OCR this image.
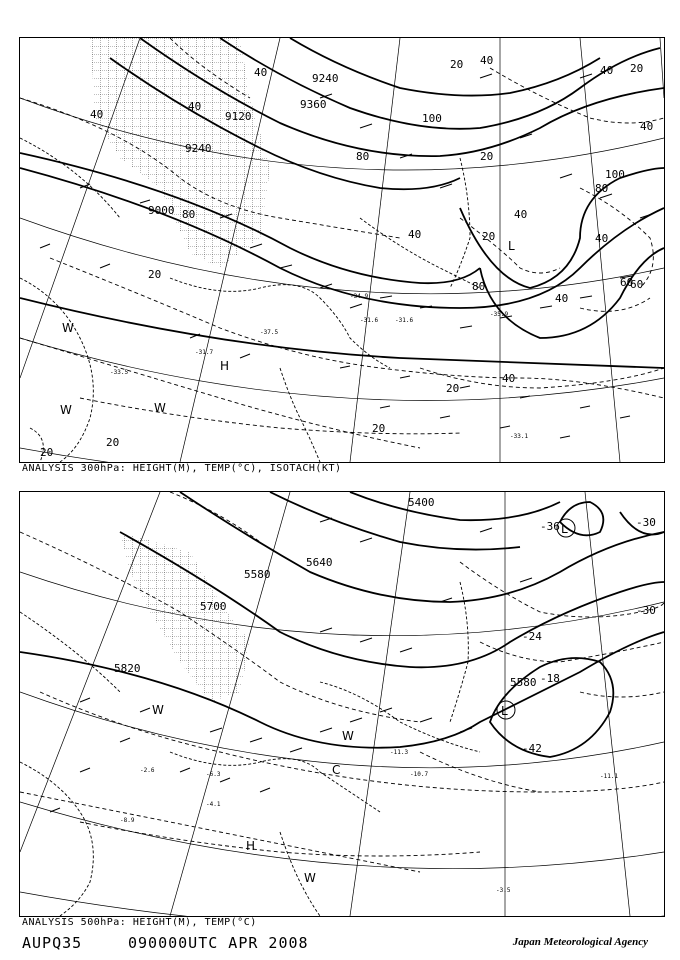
9240
9360
9120
9240
9000
20 40
40
40	100
80
40
80
20
40
20
40
40
60
20
40
80
40
100
80
40
20
60
20
20
40
20
20
-31.7
-33.5
-31.6
-34.9
-31.6
-37.5
-35.9
-33.1
H
W	W
L
W
ANALYSIS 300hPa: HEIGHT(M), TEMP(°C), ISOTACH(KT)
5400
5640
5580
5700
5820
5580
-36	-30
-24
-18
-42
-30
-11.3
-10.7	-11.1
-8.9
-6.3
-4.1
-3.5
-2.6
L
L
H
W
W
W
C
ANALYSIS 500hPa: HEIGHT(M), TEMP(°C)
AUPQ35	090000UTC APR 2008	Japan Meteorological Agency
